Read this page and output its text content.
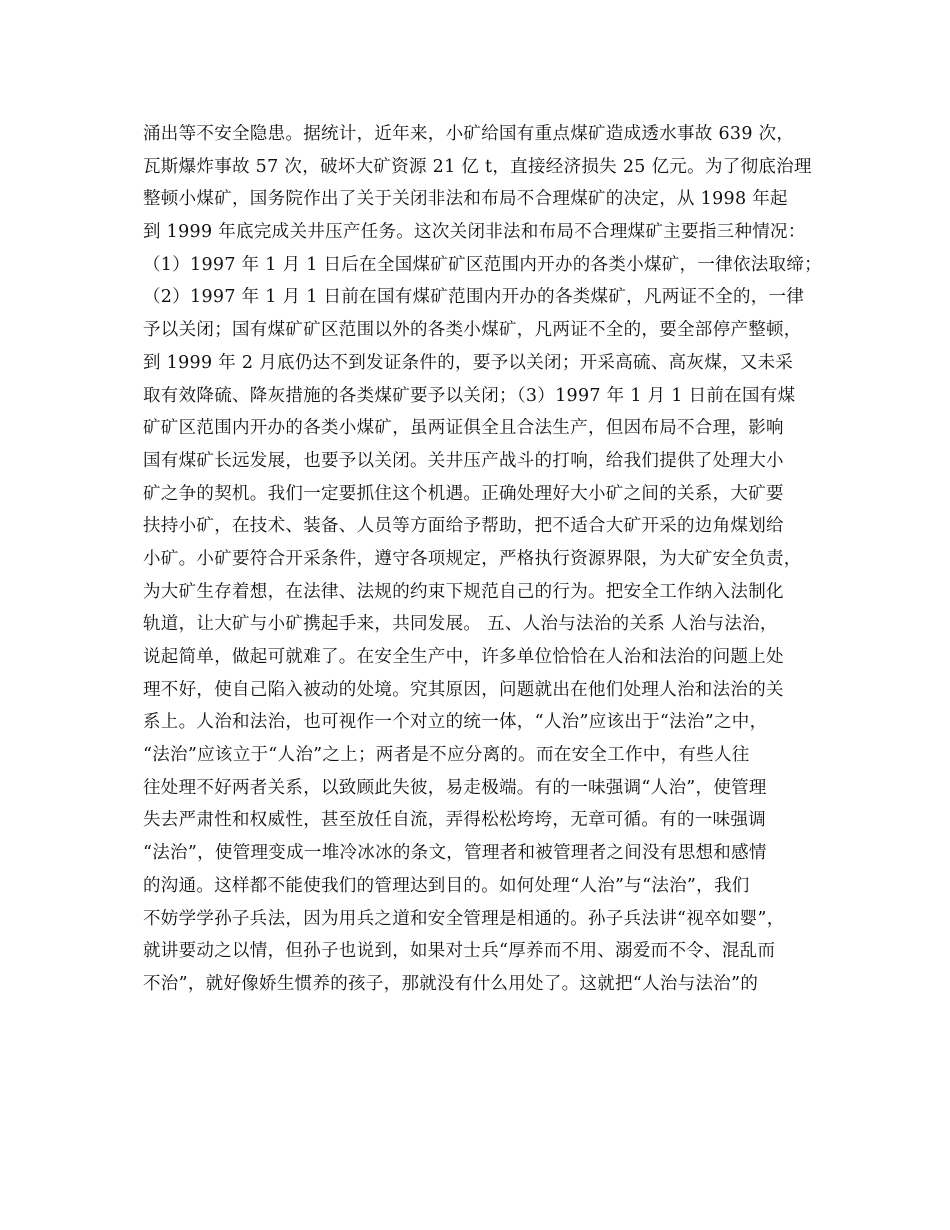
涌出等不安全隐患。据统计，近年来，小矿给国有重点煤矿造成透水事故 639 次，
瓦斯爆炸事故 57 次，破坏大矿资源 21 亿 t，直接经济损失 25 亿元。为了彻底治理
整顿小煤矿，国务院作出了关于关闭非法和布局不合理煤矿的决定，从 1998 年起
到 1999 年底完成关井压产任务。这次关闭非法和布局不合理煤矿主要指三种情况：
（1）1997 年 1 月 1 日后在全国煤矿矿区范围内开办的各类小煤矿，一律依法取缔；
（2）1997 年 1 月 1 日前在国有煤矿范围内开办的各类煤矿，凡两证不全的，一律
予以关闭；国有煤矿矿区范围以外的各类小煤矿，凡两证不全的，要全部停产整顿，
到 1999 年 2 月底仍达不到发证条件的，要予以关闭；开采高硫、高灰煤，又未采
取有效降硫、降灰措施的各类煤矿要予以关闭；（3）1997 年 1 月 1 日前在国有煤
矿矿区范围内开办的各类小煤矿，虽两证俱全且合法生产，但因布局不合理，影响
国有煤矿长远发展，也要予以关闭。关井压产战斗的打响，给我们提供了处理大小
矿之争的契机。我们一定要抓住这个机遇。正确处理好大小矿之间的关系，大矿要
扶持小矿，在技术、装备、人员等方面给予帮助，把不适合大矿开采的边角煤划给
小矿。小矿要符合开采条件，遵守各项规定，严格执行资源界限，为大矿安全负责，
为大矿生存着想，在法律、法规的约束下规范自己的行为。把安全工作纳入法制化
轨道，让大矿与小矿携起手来，共同发展。 五、人治与法治的关系 人治与法治，
说起简单，做起可就难了。在安全生产中，许多单位恰恰在人治和法治的问题上处
理不好，使自己陷入被动的处境。究其原因，问题就出在他们处理人治和法治的关
系上。人治和法治，也可视作一个对立的统一体，“人治”应该出于“法治”之中，
“法治”应该立于“人治”之上；两者是不应分离的。而在安全工作中，有些人往
往处理不好两者关系，以致顾此失彼，易走极端。有的一味强调“人治”，使管理
失去严肃性和权威性，甚至放任自流，弄得松松垮垮，无章可循。有的一味强调
“法治”，使管理变成一堆冷冰冰的条文，管理者和被管理者之间没有思想和感情
的沟通。这样都不能使我们的管理达到目的。如何处理“人治”与“法治”，我们
不妨学学孙子兵法，因为用兵之道和安全管理是相通的。孙子兵法讲“视卒如婴”，
就讲要动之以情，但孙子也说到，如果对士兵“厚养而不用、溺爱而不令、混乱而
不治”，就好像娇生惯养的孩子，那就没有什么用处了。这就把“人治与法治”的
